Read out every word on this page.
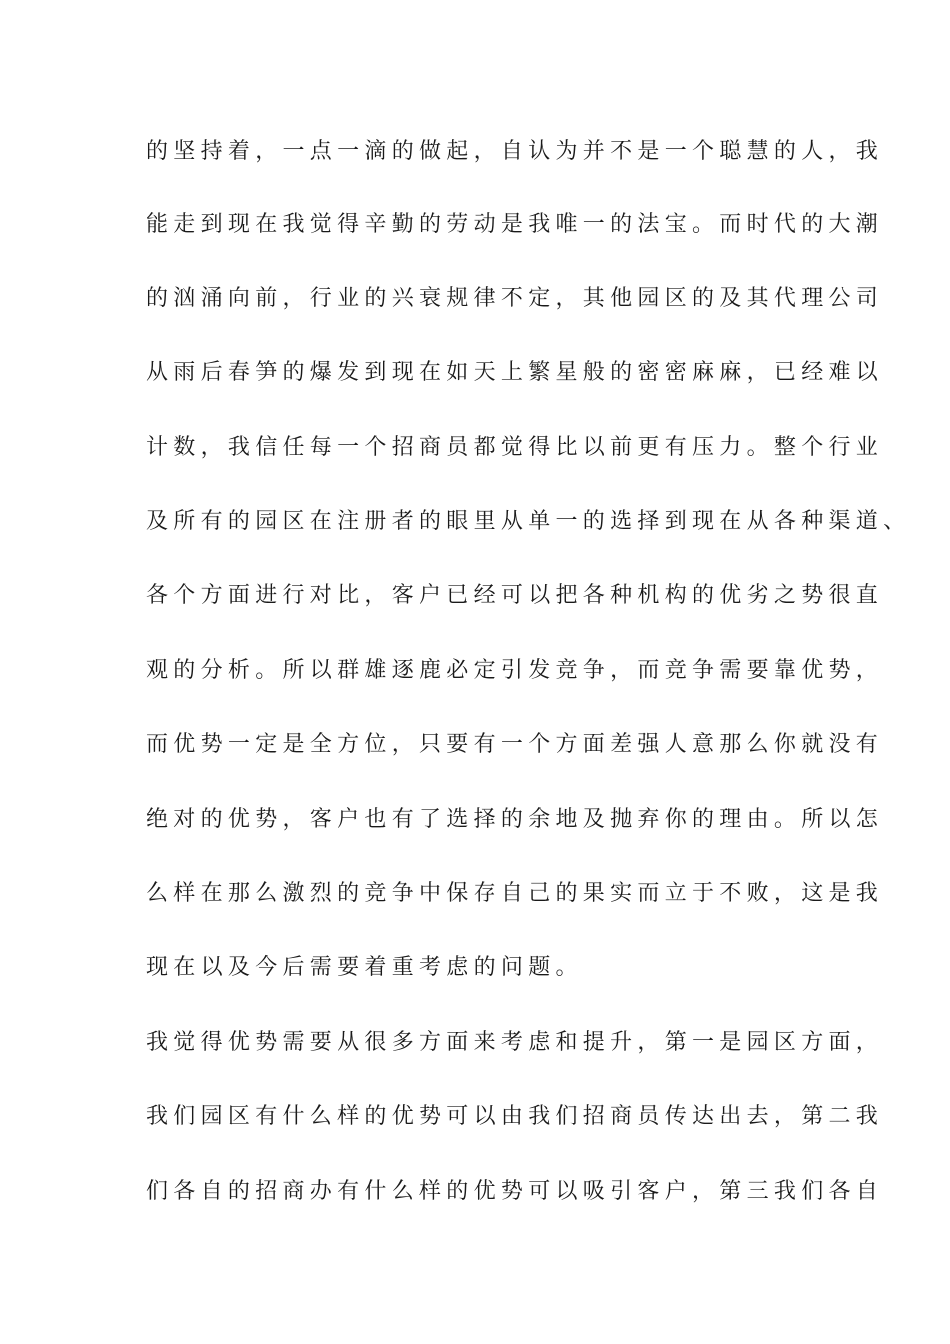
的坚持着，一点一滴的做起，自认为并不是一个聪慧的人，我
能走到现在我觉得辛勤的劳动是我唯一的法宝。而时代的大潮
的汹涌向前，行业的兴衰规律不定，其他园区的及其代理公司
从雨后春笋的爆发到现在如天上繁星般的密密麻麻，已经难以
计数，我信任每一个招商员都觉得比以前更有压力。整个行业
及所有的园区在注册者的眼里从单一的选择到现在从各种渠道、
各个方面进行对比，客户已经可以把各种机构的优劣之势很直
观的分析。所以群雄逐鹿必定引发竞争，而竞争需要靠优势，
而优势一定是全方位，只要有一个方面差强人意那么你就没有
绝对的优势，客户也有了选择的余地及抛弃你的理由。所以怎
么样在那么激烈的竞争中保存自己的果实而立于不败，这是我
现在以及今后需要着重考虑的问题。
我觉得优势需要从很多方面来考虑和提升，第一是园区方面，
我们园区有什么样的优势可以由我们招商员传达出去，第二我
们各自的招商办有什么样的优势可以吸引客户，第三我们各自
